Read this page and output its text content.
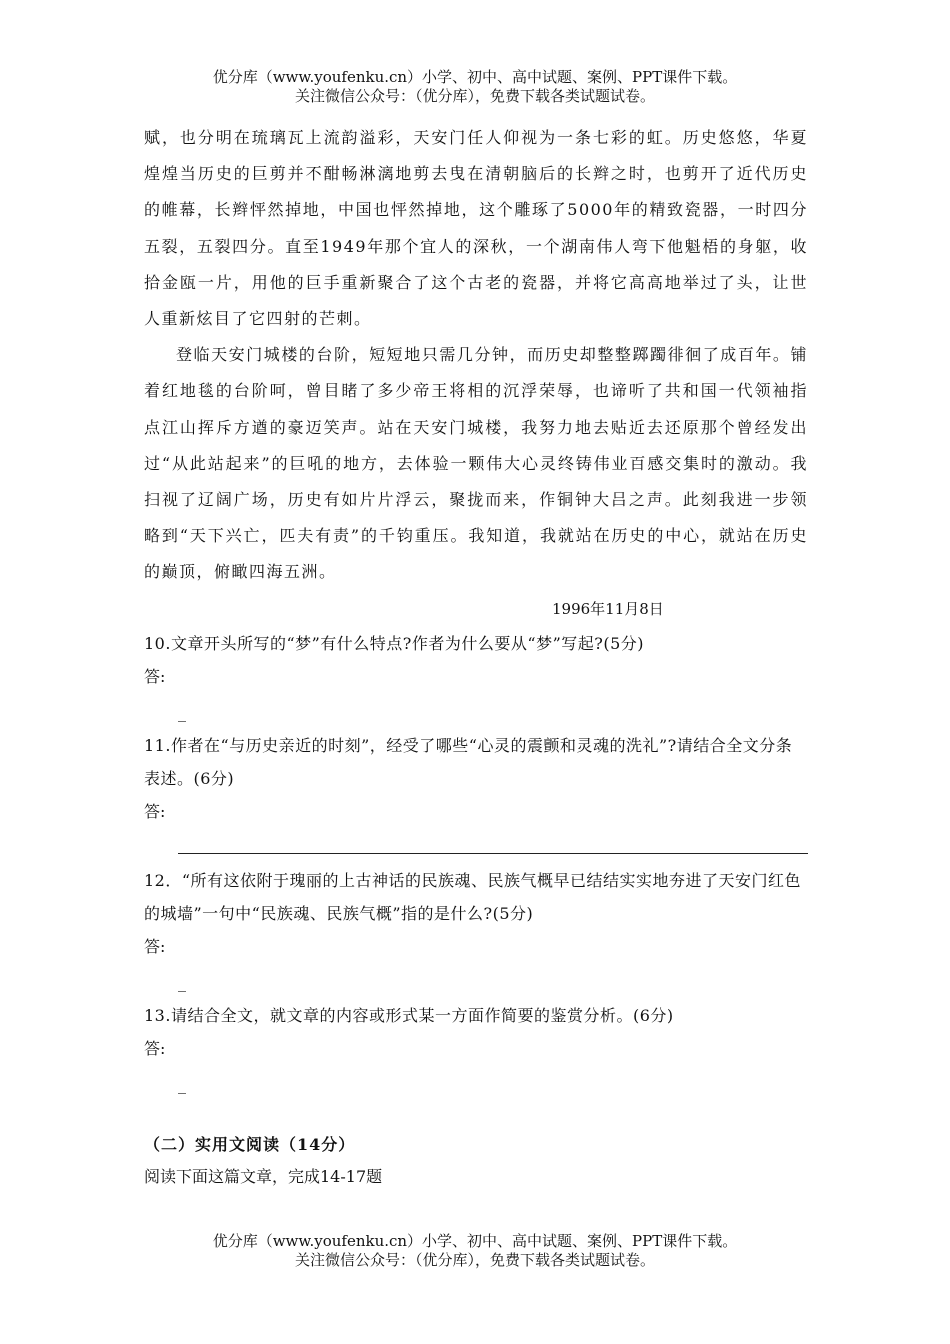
优分库（www.youfenku.cn）小学、初中、高中试题、案例、PPT课件下载。
关注微信公众号：（优分库），免费下载各类试题试卷。

赋，也分明在琉璃瓦上流韵溢彩，天安门任人仰视为一条七彩的虹。历史悠悠，华夏煌煌当历史的巨剪并不酣畅淋漓地剪去曳在清朝脑后的长辫之时，也剪开了近代历史的帷幕，长辫怦然掉地，中国也怦然掉地，这个雕琢了5000年的精致瓷器，一时四分五裂，五裂四分。直至1949年那个宜人的深秋，一个湖南伟人弯下他魁梧的身躯，收拾金瓯一片，用他的巨手重新聚合了这个古老的瓷器，并将它高高地举过了头，让世人重新炫目了它四射的芒刺。

登临天安门城楼的台阶，短短地只需几分钟，而历史却整整踯躅徘徊了成百年。铺着红地毯的台阶呵，曾目睹了多少帝王将相的沉浮荣辱，也谛听了共和国一代领袖指点江山挥斥方遒的豪迈笑声。站在天安门城楼，我努力地去贴近去还原那个曾经发出过“从此站起来”的巨吼的地方，去体验一颗伟大心灵终铸伟业百感交集时的激动。我扫视了辽阔广场，历史有如片片浮云，聚拢而来，作铜钟大吕之声。此刻我进一步领略到“天下兴亡，匹夫有责”的千钧重压。我知道，我就站在历史的中心，就站在历史的巅顶，俯瞰四海五洲。

1996年11月8日

10.文章开头所写的“梦”有什么特点?作者为什么要从“梦”写起?(5分)

答:

_

11.作者在“与历史亲近的时刻”，经受了哪些“心灵的震颤和灵魂的洗礼”?请结合全文分条表述。(6分)

答:

12．“所有这依附于瑰丽的上古神话的民族魂、民族气概早已结结实实地夯进了天安门红色的城墙”一句中“民族魂、民族气概”指的是什么?(5分)

答:

_

13.请结合全文，就文章的内容或形式某一方面作简要的鉴赏分析。(6分)

答:

_

（二）实用文阅读（14分）

阅读下面这篇文章，完成14-17题

优分库（www.youfenku.cn）小学、初中、高中试题、案例、PPT课件下载。
关注微信公众号：（优分库），免费下载各类试题试卷。
